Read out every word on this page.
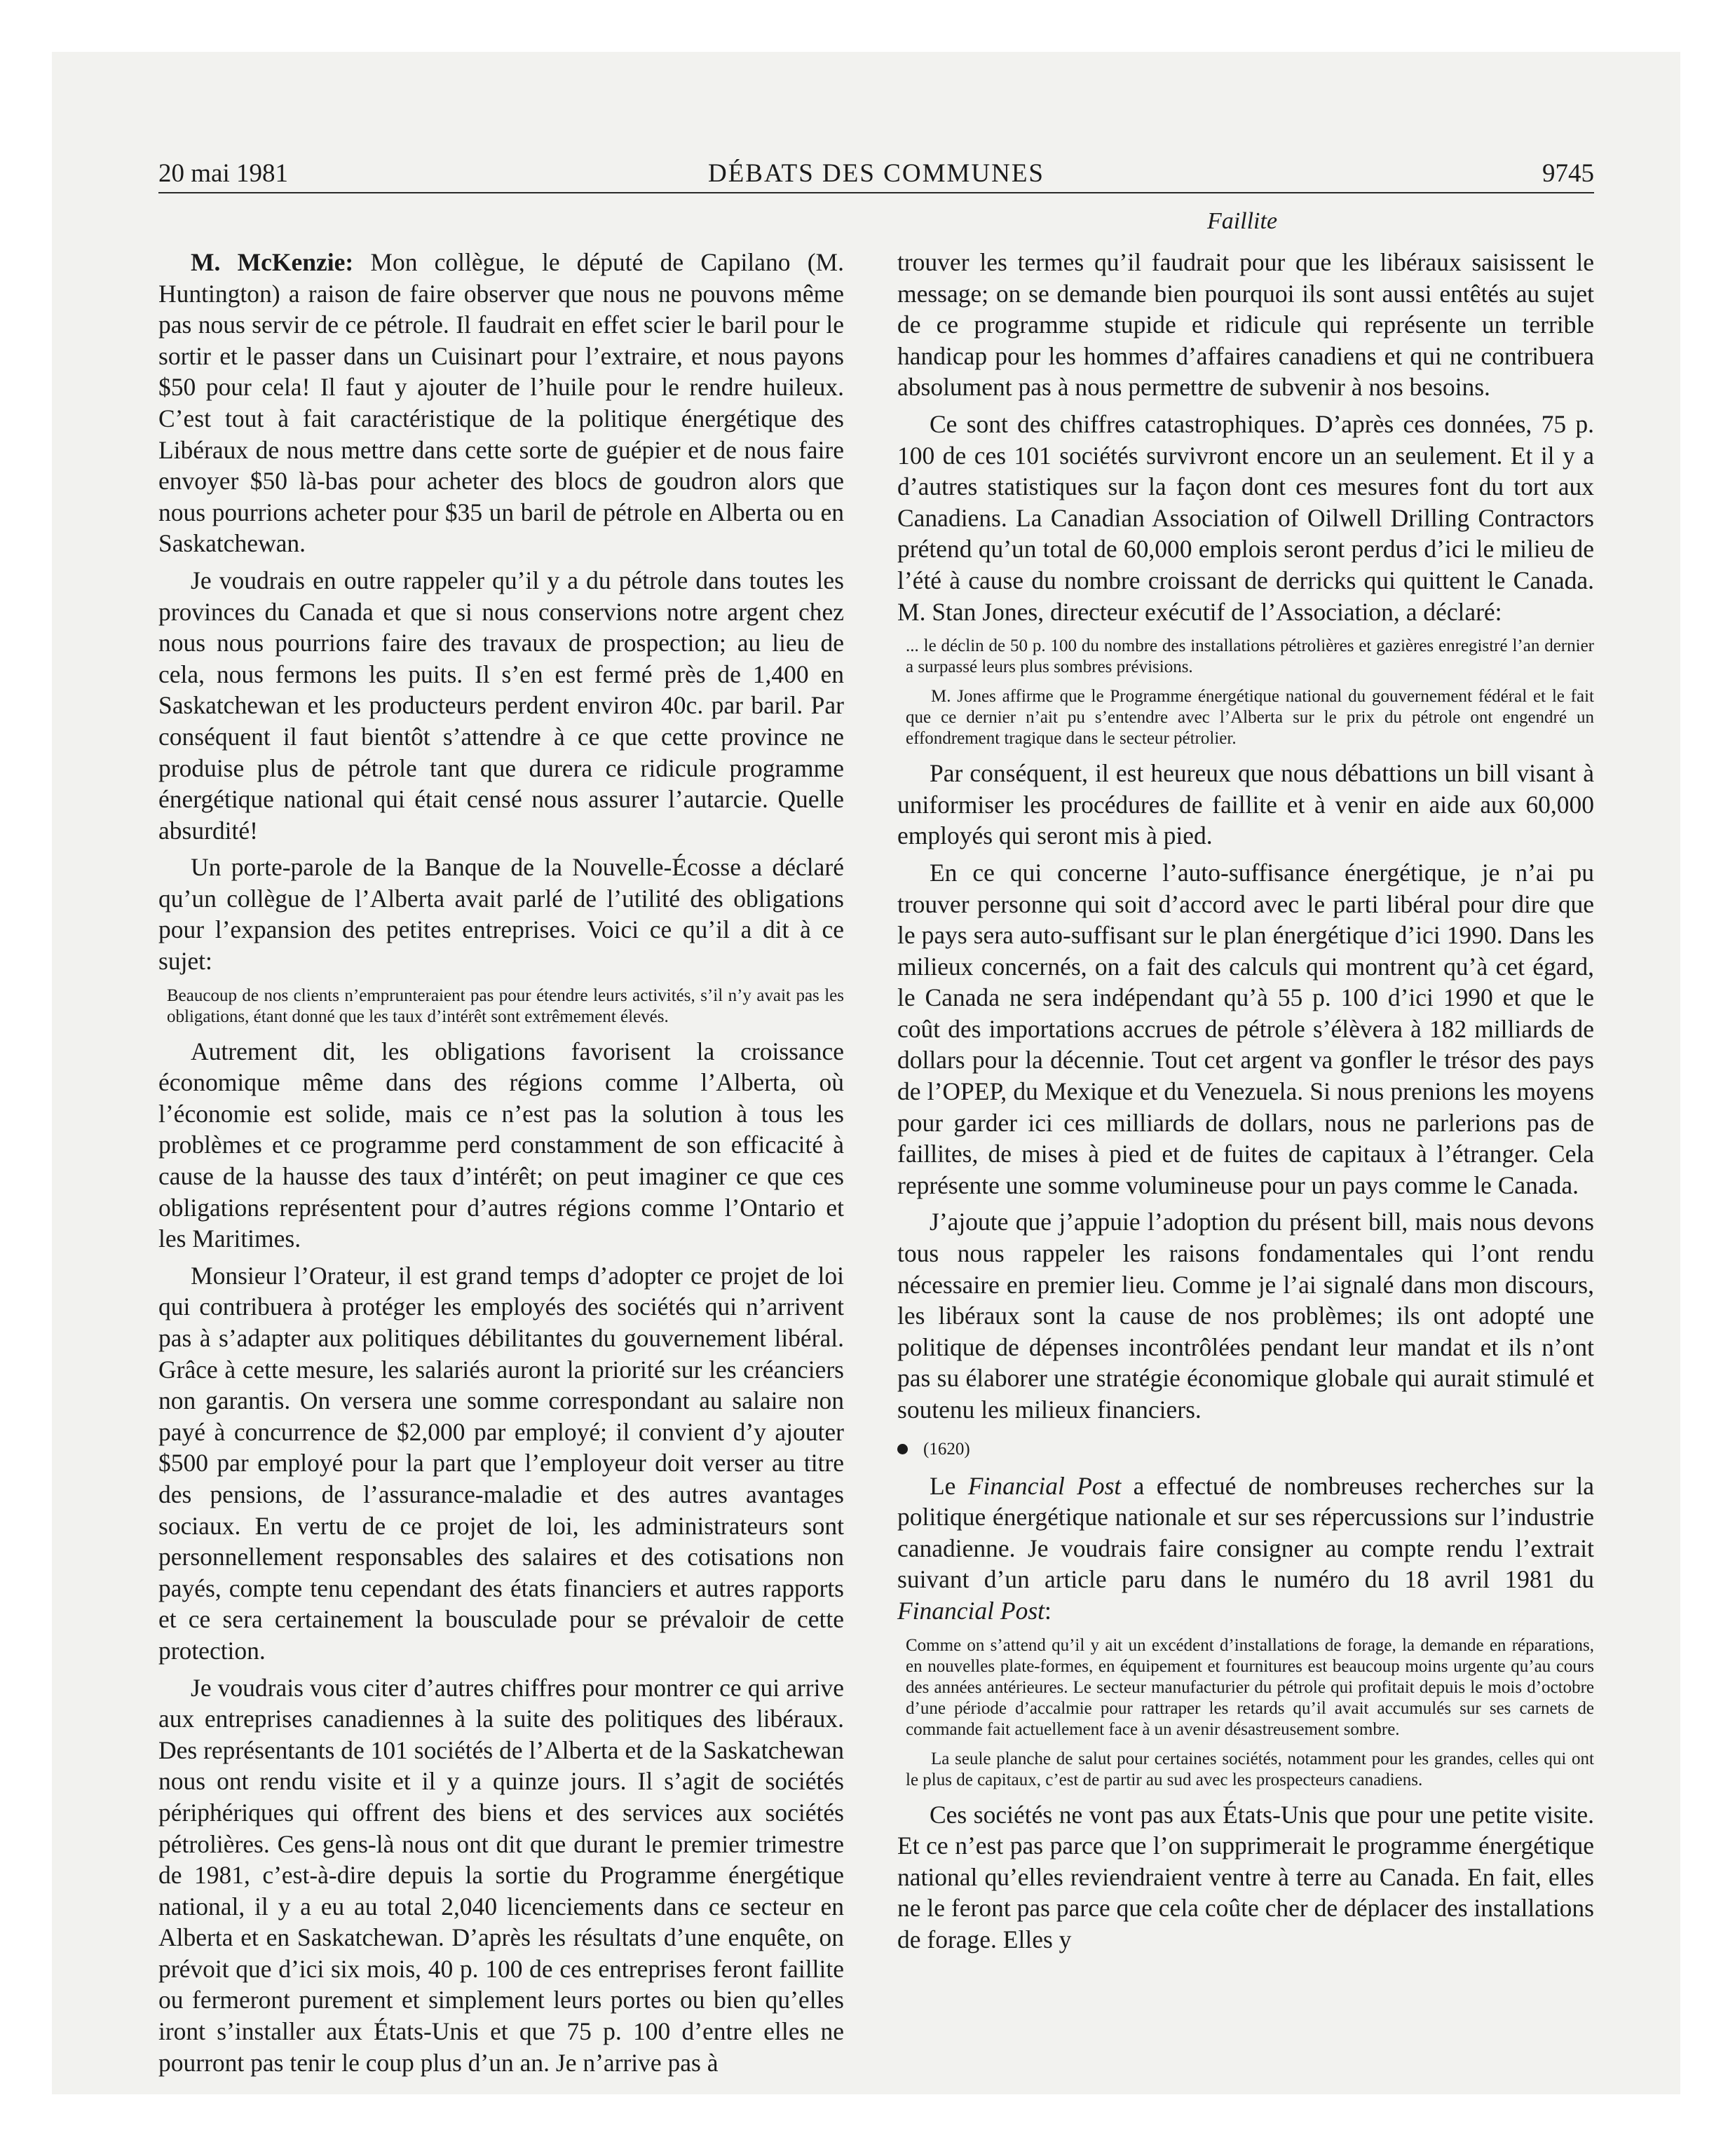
20 mai 1981	DÉBATS DES COMMUNES	9745
Faillite

M. McKenzie: Mon collègue, le député de Capilano (M. Huntington) a raison de faire observer que nous ne pouvons même pas nous servir de ce pétrole. Il faudrait en effet scier le baril pour le sortir et le passer dans un Cuisinart pour l’extraire, et nous payons $50 pour cela! Il faut y ajouter de l’huile pour le rendre huileux. C’est tout à fait caractéristique de la politique énergétique des Libéraux de nous mettre dans cette sorte de guépier et de nous faire envoyer $50 là-bas pour acheter des blocs de goudron alors que nous pourrions acheter pour $35 un baril de pétrole en Alberta ou en Saskatchewan.

Je voudrais en outre rappeler qu’il y a du pétrole dans toutes les provinces du Canada et que si nous conservions notre argent chez nous nous pourrions faire des travaux de prospection; au lieu de cela, nous fermons les puits. Il s’en est fermé près de 1,400 en Saskatchewan et les producteurs perdent environ 40c. par baril. Par conséquent il faut bientôt s’attendre à ce que cette province ne produise plus de pétrole tant que durera ce ridicule programme énergétique national qui était censé nous assurer l’autarcie. Quelle absurdité!

Un porte-parole de la Banque de la Nouvelle-Écosse a déclaré qu’un collègue de l’Alberta avait parlé de l’utilité des obligations pour l’expansion des petites entreprises. Voici ce qu’il a dit à ce sujet:

Beaucoup de nos clients n’emprunteraient pas pour étendre leurs activités, s’il n’y avait pas les obligations, étant donné que les taux d’intérêt sont extrêmement élevés.

Autrement dit, les obligations favorisent la croissance économique même dans des régions comme l’Alberta, où l’économie est solide, mais ce n’est pas la solution à tous les problèmes et ce programme perd constamment de son efficacité à cause de la hausse des taux d’intérêt; on peut imaginer ce que ces obligations représentent pour d’autres régions comme l’Ontario et les Maritimes.

Monsieur l’Orateur, il est grand temps d’adopter ce projet de loi qui contribuera à protéger les employés des sociétés qui n’arrivent pas à s’adapter aux politiques débilitantes du gouvernement libéral. Grâce à cette mesure, les salariés auront la priorité sur les créanciers non garantis. On versera une somme correspondant au salaire non payé à concurrence de $2,000 par employé; il convient d’y ajouter $500 par employé pour la part que l’employeur doit verser au titre des pensions, de l’assurance-maladie et des autres avantages sociaux. En vertu de ce projet de loi, les administrateurs sont personnellement responsables des salaires et des cotisations non payés, compte tenu cependant des états financiers et autres rapports et ce sera certainement la bousculade pour se prévaloir de cette protection.

Je voudrais vous citer d’autres chiffres pour montrer ce qui arrive aux entreprises canadiennes à la suite des politiques des libéraux. Des représentants de 101 sociétés de l’Alberta et de la Saskatchewan nous ont rendu visite et il y a quinze jours. Il s’agit de sociétés périphériques qui offrent des biens et des services aux sociétés pétrolières. Ces gens-là nous ont dit que durant le premier trimestre de 1981, c’est-à-dire depuis la sortie du Programme énergétique national, il y a eu au total 2,040 licenciements dans ce secteur en Alberta et en Saskatchewan. D’après les résultats d’une enquête, on prévoit que d’ici six mois, 40 p. 100 de ces entreprises feront faillite ou fermeront purement et simplement leurs portes ou bien qu’elles iront s’installer aux États-Unis et que 75 p. 100 d’entre elles ne pourront pas tenir le coup plus d’un an. Je n’arrive pas à

trouver les termes qu’il faudrait pour que les libéraux saisissent le message; on se demande bien pourquoi ils sont aussi entêtés au sujet de ce programme stupide et ridicule qui représente un terrible handicap pour les hommes d’affaires canadiens et qui ne contribuera absolument pas à nous permettre de subvenir à nos besoins.

Ce sont des chiffres catastrophiques. D’après ces données, 75 p. 100 de ces 101 sociétés survivront encore un an seulement. Et il y a d’autres statistiques sur la façon dont ces mesures font du tort aux Canadiens. La Canadian Association of Oilwell Drilling Contractors prétend qu’un total de 60,000 emplois seront perdus d’ici le milieu de l’été à cause du nombre croissant de derricks qui quittent le Canada. M. Stan Jones, directeur exécutif de l’Association, a déclaré:

... le déclin de 50 p. 100 du nombre des installations pétrolières et gazières enregistré l’an dernier a surpassé leurs plus sombres prévisions.
M. Jones affirme que le Programme énergétique national du gouvernement fédéral et le fait que ce dernier n’ait pu s’entendre avec l’Alberta sur le prix du pétrole ont engendré un effondrement tragique dans le secteur pétrolier.

Par conséquent, il est heureux que nous débattions un bill visant à uniformiser les procédures de faillite et à venir en aide aux 60,000 employés qui seront mis à pied.

En ce qui concerne l’auto-suffisance énergétique, je n’ai pu trouver personne qui soit d’accord avec le parti libéral pour dire que le pays sera auto-suffisant sur le plan énergétique d’ici 1990. Dans les milieux concernés, on a fait des calculs qui montrent qu’à cet égard, le Canada ne sera indépendant qu’à 55 p. 100 d’ici 1990 et que le coût des importations accrues de pétrole s’élèvera à 182 milliards de dollars pour la décennie. Tout cet argent va gonfler le trésor des pays de l’OPEP, du Mexique et du Venezuela. Si nous prenions les moyens pour garder ici ces milliards de dollars, nous ne parlerions pas de faillites, de mises à pied et de fuites de capitaux à l’étranger. Cela représente une somme volumineuse pour un pays comme le Canada.

J’ajoute que j’appuie l’adoption du présent bill, mais nous devons tous nous rappeler les raisons fondamentales qui l’ont rendu nécessaire en premier lieu. Comme je l’ai signalé dans mon discours, les libéraux sont la cause de nos problèmes; ils ont adopté une politique de dépenses incontrôlées pendant leur mandat et ils n’ont pas su élaborer une stratégie économique globale qui aurait stimulé et soutenu les milieux financiers.

(1620)

Le Financial Post a effectué de nombreuses recherches sur la politique énergétique nationale et sur ses répercussions sur l’industrie canadienne. Je voudrais faire consigner au compte rendu l’extrait suivant d’un article paru dans le numéro du 18 avril 1981 du Financial Post:

Comme on s’attend qu’il y ait un excédent d’installations de forage, la demande en réparations, en nouvelles plate-formes, en équipement et fournitures est beaucoup moins urgente qu’au cours des années antérieures. Le secteur manufacturier du pétrole qui profitait depuis le mois d’octobre d’une période d’accalmie pour rattraper les retards qu’il avait accumulés sur ses carnets de commande fait actuellement face à un avenir désastreusement sombre.
La seule planche de salut pour certaines sociétés, notamment pour les grandes, celles qui ont le plus de capitaux, c’est de partir au sud avec les prospecteurs canadiens.

Ces sociétés ne vont pas aux États-Unis que pour une petite visite. Et ce n’est pas parce que l’on supprimerait le programme énergétique national qu’elles reviendraient ventre à terre au Canada. En fait, elles ne le feront pas parce que cela coûte cher de déplacer des installations de forage. Elles y
